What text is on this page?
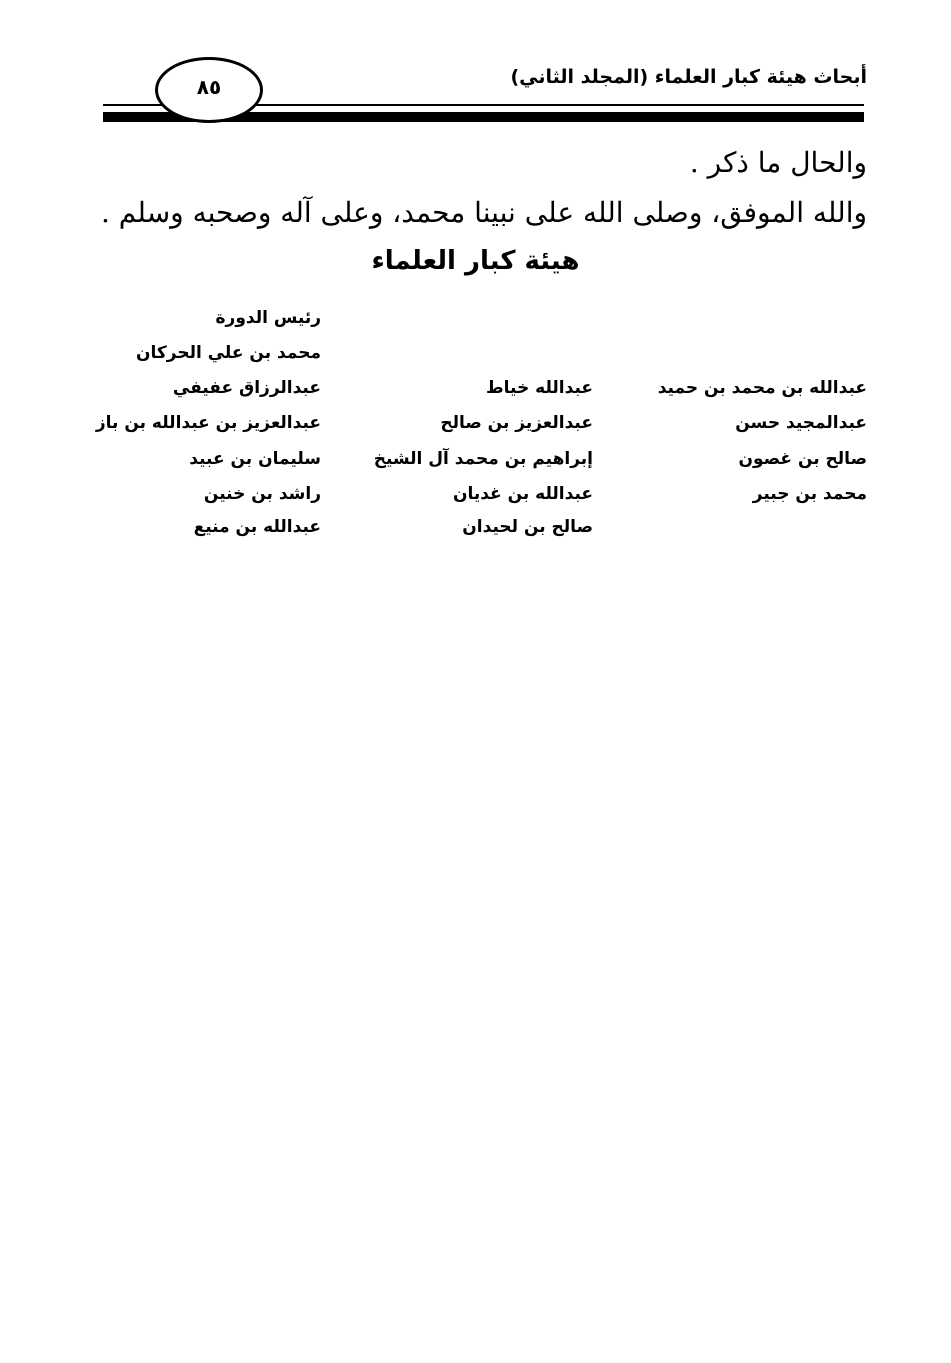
أبحاث هيئة كبار العلماء (المجلد الثاني)
٨٥
والحال ما ذكر .
والله الموفق، وصلى الله على نبينا محمد، وعلى آله وصحبه وسلم .
هيئة كبار العلماء
رئيس الدورة
محمد بن علي الحركان
عبدالرزاق عفيفي
عبدالعزيز بن عبدالله بن باز
سليمان بن عبيد
راشد بن خنين
عبدالله بن منيع
عبدالله خياط
عبدالعزيز بن صالح
إبراهيم بن محمد آل الشيخ
عبدالله بن غديان
صالح بن لحيدان
عبدالله بن محمد بن حميد
عبدالمجيد حسن
صالح بن غصون
محمد بن جبير
